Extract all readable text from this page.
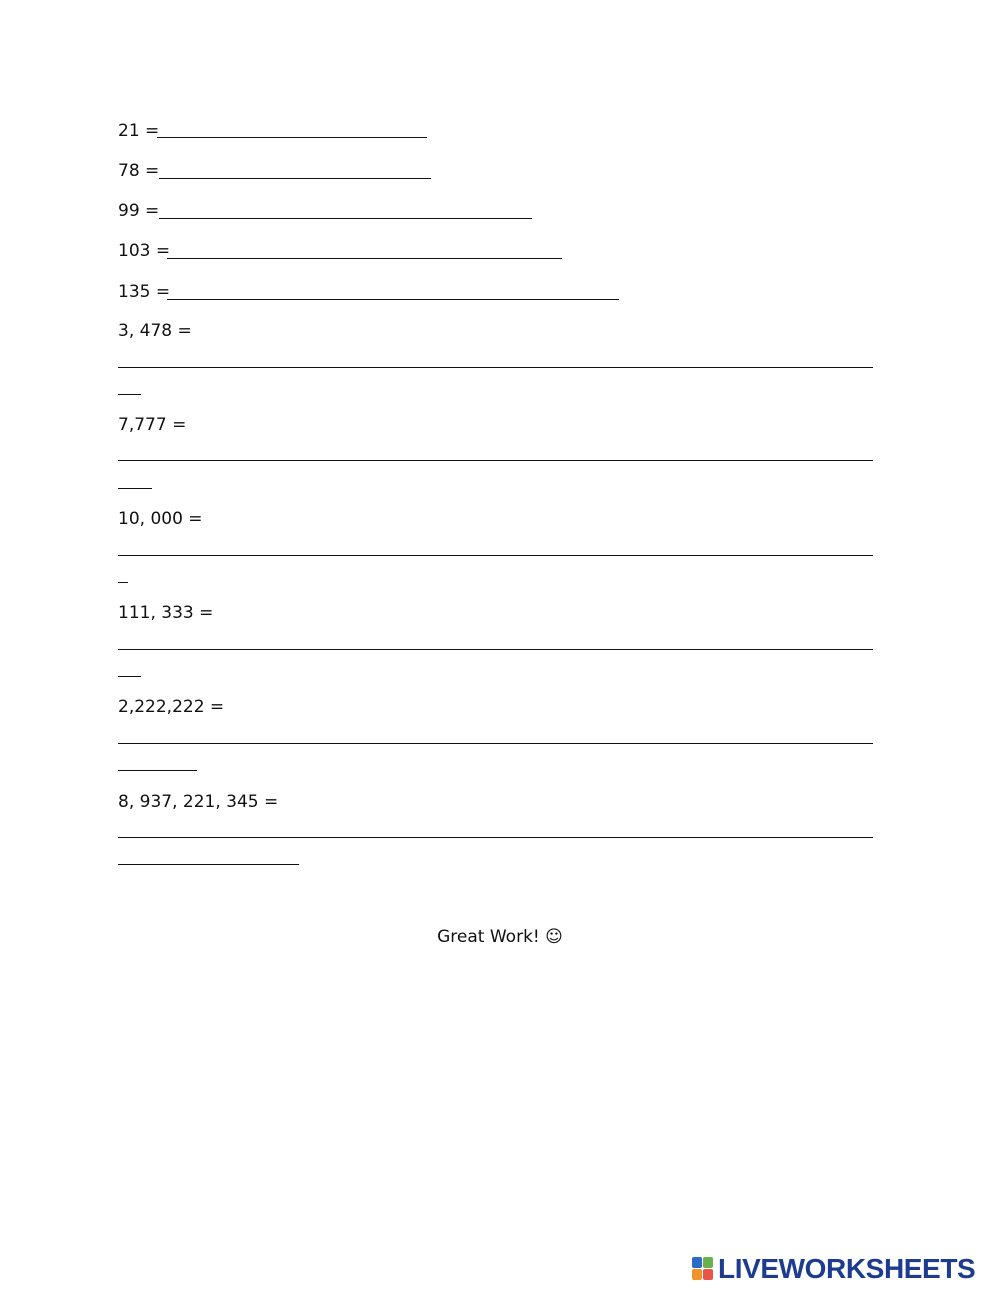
21 =
78 =
99 =
103 =
135 =
3, 478 =
7,777 =
10, 000 =
111, 333 =
2,222,222 =
8, 937, 221, 345 =
Great Work! ☺
LIVEWORKSHEETS
